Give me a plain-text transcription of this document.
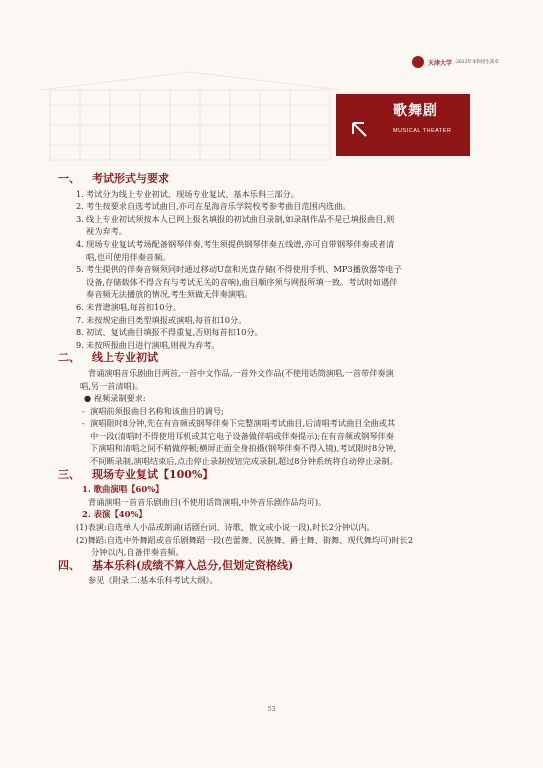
天津大学 2023年本科招生简章
歌舞剧
MUSICAL THEATER
一、 考试形式与要求
1. 考试分为线上专业初试、现场专业复试、基本乐科三部分。
2. 考生按要求自选考试曲目,亦可在星海音乐学院校考参考曲目范围内选曲。
3. 线上专业初试须按本人已网上报名填报的初试曲目录制,如录制作品不是已填报曲目,则
视为弃考。
4. 现场专业复试考场配备钢琴伴奏,考生须提供钢琴伴奏五线谱,亦可自带钢琴伴奏或者清
唱,也可使用伴奏音频。
5. 考生提供的伴奏音频须同时通过移动U盘和光盘存储(不得使用手机、MP3播放器等电子
设备,存储载体不得含有与考试无关的音响),曲目顺序须与网报所填一致。考试时如遇伴
奏音频无法播放的情况,考生须做无伴奏演唱。
6. 未背谱演唱,每首扣10分。
7. 未按规定曲目类型填报或演唱,每首扣10分。
8. 初试、复试曲目填报不得重复,否则每首扣10分。
9. 未按所报曲目进行演唱,则视为弃考。
二、 线上专业初试
背诵演唱音乐剧曲目两首,一首中文作品,一首外文作品(不使用话筒演唱,一首带伴奏演
唱,另一首清唱)。
● 视频录制要求:
- 演唱前须报曲目名称和该曲目的调号;
- 演唱限时8分钟,先在有音频或钢琴伴奏下完整演唱考试曲目,后清唱考试曲目全曲或其
中一段(清唱时不得使用耳机或其它电子设备做伴唱或伴奏提示);在有音频或钢琴伴奏
下演唱和清唱之间不稍做停顿;横屏正面全身拍摄(钢琴伴奏不得入镜),考试限时8分钟,
不间断录制,演唱结束后,点击停止录制按钮完成录制,超过8分钟系统将自动停止录制。
三、 现场专业复试【100%】
1. 歌曲演唱【60%】
背诵演唱一首音乐剧曲目(不使用话筒演唱,中外音乐剧作品均可)。
2. 表演【40%】
(1)表演:自选单人小品或朗诵(话剧台词、诗歌、散文或小说一段),时长2分钟以内。
(2)舞蹈:自选中外舞蹈或音乐剧舞蹈一段(芭蕾舞、民族舞、爵士舞、街舞、现代舞均可)时长2
分钟以内,自备伴奏音频。
四、 基本乐科(成绩不算入总分,但划定资格线)
参见《附录二:基本乐科考试大纲》。
53
